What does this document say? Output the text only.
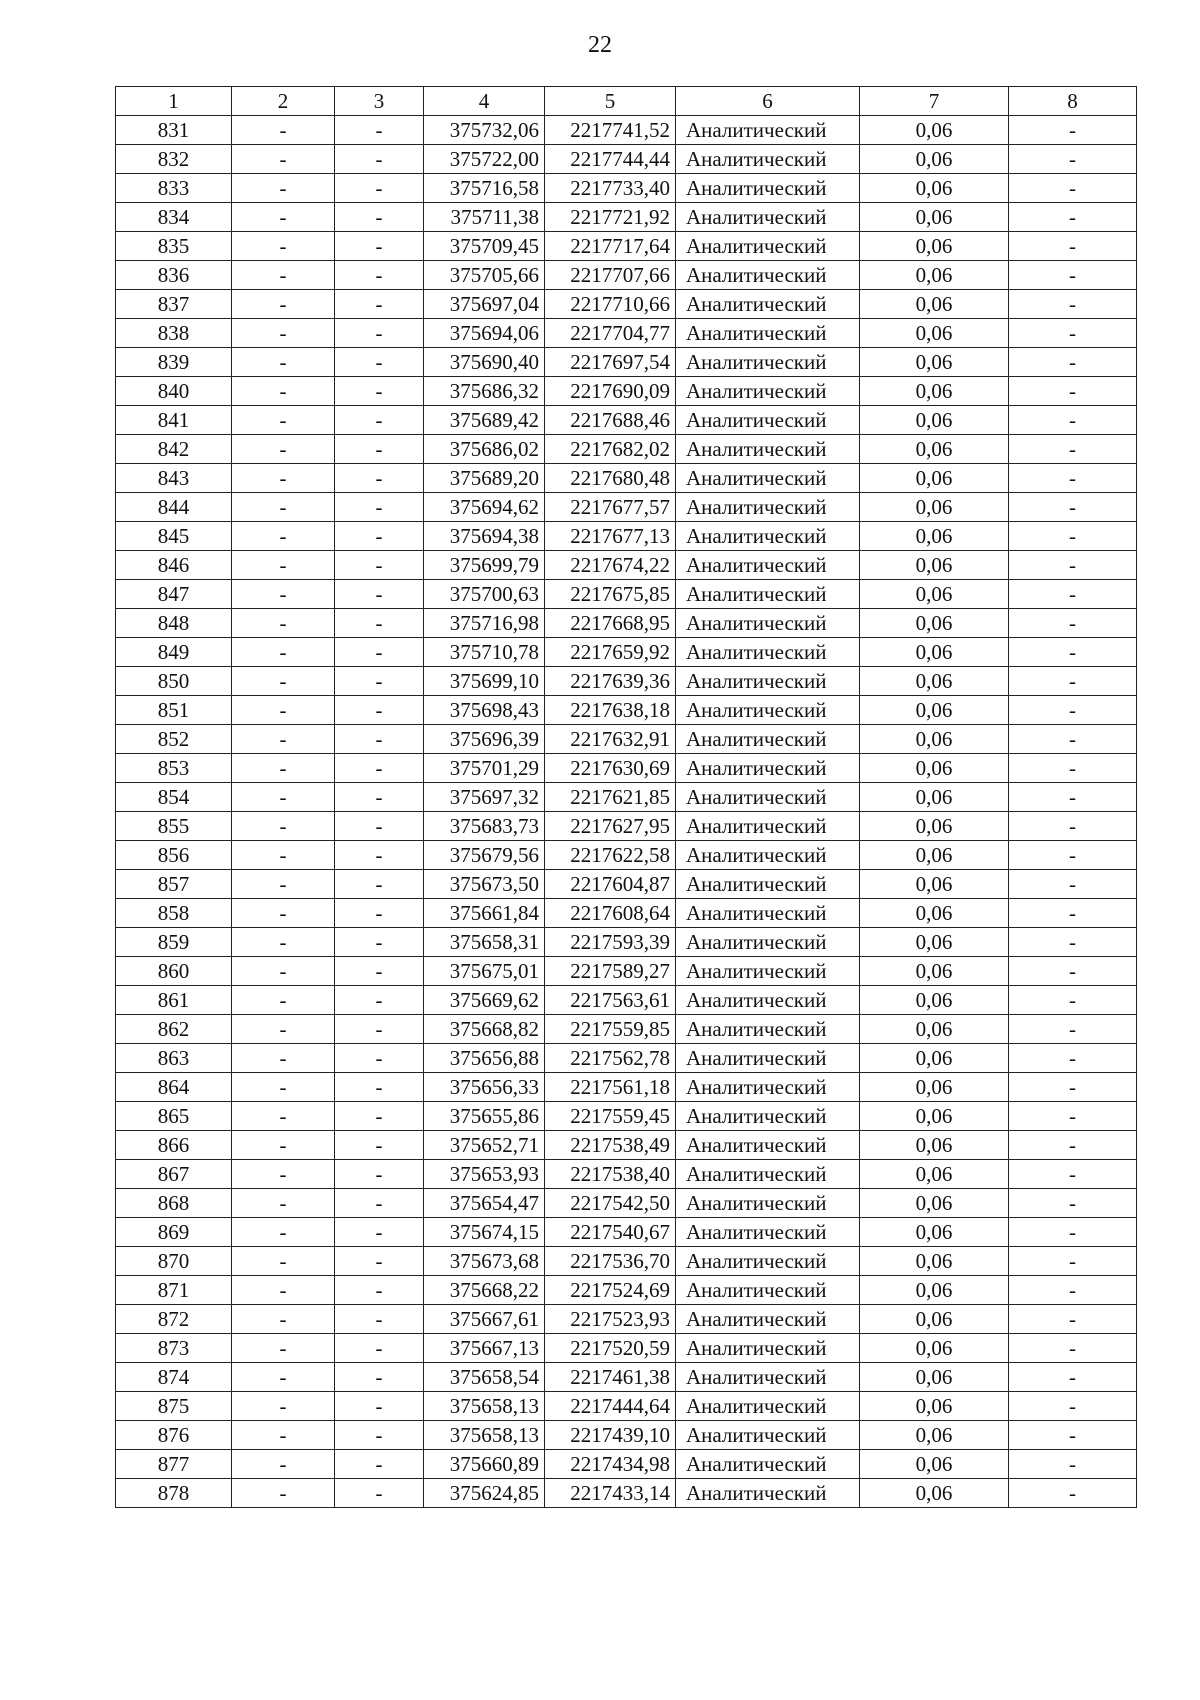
22
1	2	3	4	5	6	7	8
831	-	-	375732,06	2217741,52	Аналитический	0,06	-
832	-	-	375722,00	2217744,44	Аналитический	0,06	-
833	-	-	375716,58	2217733,40	Аналитический	0,06	-
834	-	-	375711,38	2217721,92	Аналитический	0,06	-
835	-	-	375709,45	2217717,64	Аналитический	0,06	-
836	-	-	375705,66	2217707,66	Аналитический	0,06	-
837	-	-	375697,04	2217710,66	Аналитический	0,06	-
838	-	-	375694,06	2217704,77	Аналитический	0,06	-
839	-	-	375690,40	2217697,54	Аналитический	0,06	-
840	-	-	375686,32	2217690,09	Аналитический	0,06	-
841	-	-	375689,42	2217688,46	Аналитический	0,06	-
842	-	-	375686,02	2217682,02	Аналитический	0,06	-
843	-	-	375689,20	2217680,48	Аналитический	0,06	-
844	-	-	375694,62	2217677,57	Аналитический	0,06	-
845	-	-	375694,38	2217677,13	Аналитический	0,06	-
846	-	-	375699,79	2217674,22	Аналитический	0,06	-
847	-	-	375700,63	2217675,85	Аналитический	0,06	-
848	-	-	375716,98	2217668,95	Аналитический	0,06	-
849	-	-	375710,78	2217659,92	Аналитический	0,06	-
850	-	-	375699,10	2217639,36	Аналитический	0,06	-
851	-	-	375698,43	2217638,18	Аналитический	0,06	-
852	-	-	375696,39	2217632,91	Аналитический	0,06	-
853	-	-	375701,29	2217630,69	Аналитический	0,06	-
854	-	-	375697,32	2217621,85	Аналитический	0,06	-
855	-	-	375683,73	2217627,95	Аналитический	0,06	-
856	-	-	375679,56	2217622,58	Аналитический	0,06	-
857	-	-	375673,50	2217604,87	Аналитический	0,06	-
858	-	-	375661,84	2217608,64	Аналитический	0,06	-
859	-	-	375658,31	2217593,39	Аналитический	0,06	-
860	-	-	375675,01	2217589,27	Аналитический	0,06	-
861	-	-	375669,62	2217563,61	Аналитический	0,06	-
862	-	-	375668,82	2217559,85	Аналитический	0,06	-
863	-	-	375656,88	2217562,78	Аналитический	0,06	-
864	-	-	375656,33	2217561,18	Аналитический	0,06	-
865	-	-	375655,86	2217559,45	Аналитический	0,06	-
866	-	-	375652,71	2217538,49	Аналитический	0,06	-
867	-	-	375653,93	2217538,40	Аналитический	0,06	-
868	-	-	375654,47	2217542,50	Аналитический	0,06	-
869	-	-	375674,15	2217540,67	Аналитический	0,06	-
870	-	-	375673,68	2217536,70	Аналитический	0,06	-
871	-	-	375668,22	2217524,69	Аналитический	0,06	-
872	-	-	375667,61	2217523,93	Аналитический	0,06	-
873	-	-	375667,13	2217520,59	Аналитический	0,06	-
874	-	-	375658,54	2217461,38	Аналитический	0,06	-
875	-	-	375658,13	2217444,64	Аналитический	0,06	-
876	-	-	375658,13	2217439,10	Аналитический	0,06	-
877	-	-	375660,89	2217434,98	Аналитический	0,06	-
878	-	-	375624,85	2217433,14	Аналитический	0,06	-
